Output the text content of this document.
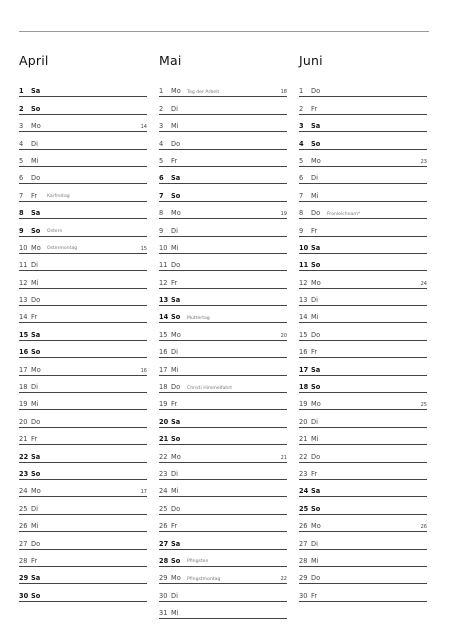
April
1	Sa
2	So
3	Mo	14
4	Di
5	Mi
6	Do
7	Fr Karfreitag
8	Sa
9	So Ostern
10 Mo Ostermontag	15
11 Di
12 Mi
13 Do
14 Fr
15 Sa
16 So
17 Mo	16
18 Di
19 Mi
20 Do
21 Fr
22 Sa
23 So
24 Mo	17
25 Di
26 Mi
27 Do
28 Fr
29 Sa
30 So
Mai
1	Mo Tag der Arbeit	18
2	Di
3	Mi
4	Do
5	Fr
6	Sa
7	So
8	Mo	19
9	Di
10 Mi
11 Do
12 Fr
13 Sa
14 So Muttertag
15 Mo	20
16 Di
17 Mi
18 Do Christi Himmelfahrt
19 Fr
20 Sa
21 So
22 Mo	21
23 Di
24 Mi
25 Do
26 Fr
27 Sa
28 So Pfingsten
29 Mo Pfingstmontag	22
30 Di
31 Mi
Juni
1	Do
2	Fr
3	Sa
4	So
5	Mo	23
6	Di
7	Mi
8	Do Fronleichnam*
9	Fr
10 Sa
11 So
12 Mo	24
13 Di
14 Mi
15 Do
16 Fr
17 Sa
18 So
19 Mo	25
20 Di
21 Mi
22 Do
23 Fr
24 Sa
25 So
26 Mo	26
27 Di
28 Mi
29 Do
30 Fr
